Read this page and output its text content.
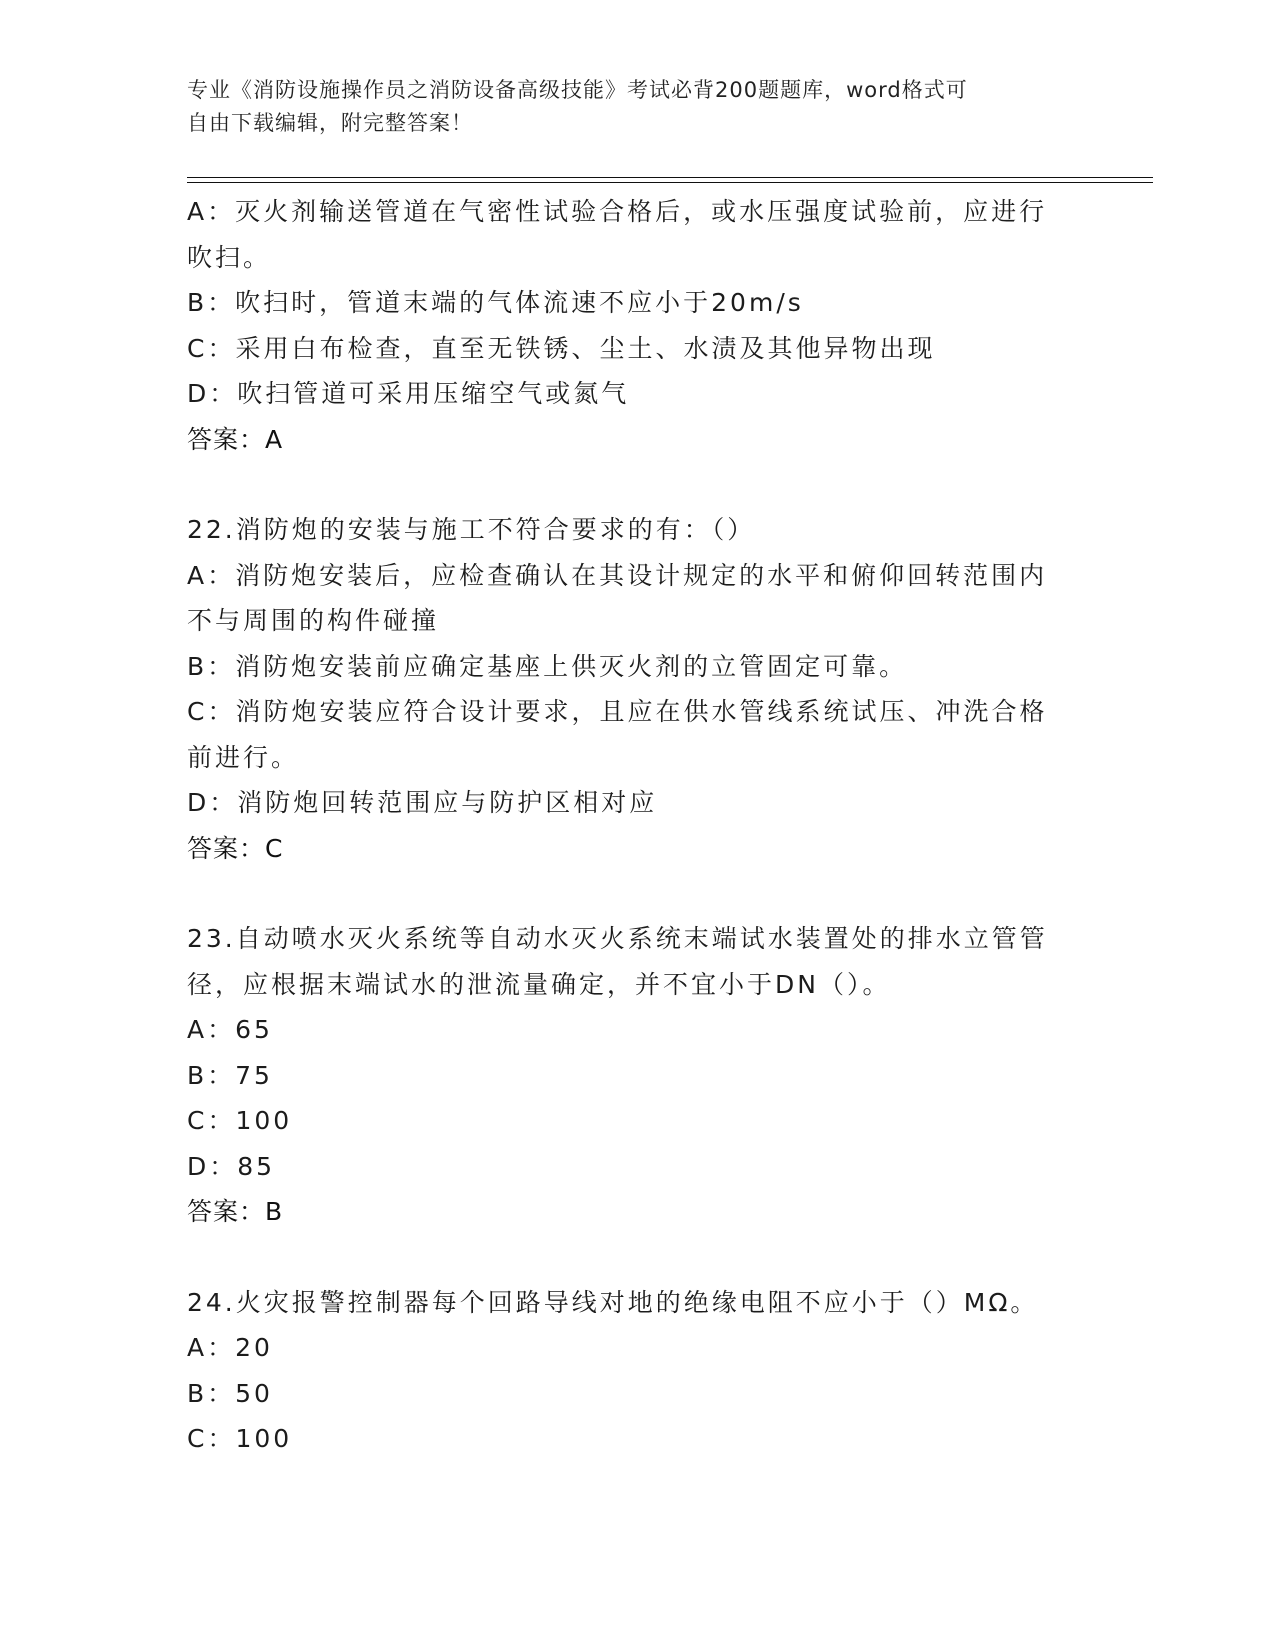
专业《消防设施操作员之消防设备高级技能》考试必背200题题库，word格式可
自由下载编辑，附完整答案！
A：灭火剂输送管道在气密性试验合格后，或水压强度试验前，应进行
吹扫。
B：吹扫时，管道末端的气体流速不应小于20m/s
C：采用白布检查，直至无铁锈、尘土、水渍及其他异物出现
D：吹扫管道可采用压缩空气或氮气
答案：A
22.消防炮的安装与施工不符合要求的有：（）
A：消防炮安装后，应检查确认在其设计规定的水平和俯仰回转范围内
不与周围的构件碰撞
B：消防炮安装前应确定基座上供灭火剂的立管固定可靠。
C：消防炮安装应符合设计要求，且应在供水管线系统试压、冲洗合格
前进行。
D：消防炮回转范围应与防护区相对应
答案：C
23.自动喷水灭火系统等自动水灭火系统末端试水装置处的排水立管管
径，应根据末端试水的泄流量确定，并不宜小于DN（）。
A：65
B：75
C：100
D：85
答案：B
24.火灾报警控制器每个回路导线对地的绝缘电阻不应小于（）MΩ。
A：20
B：50
C：100
